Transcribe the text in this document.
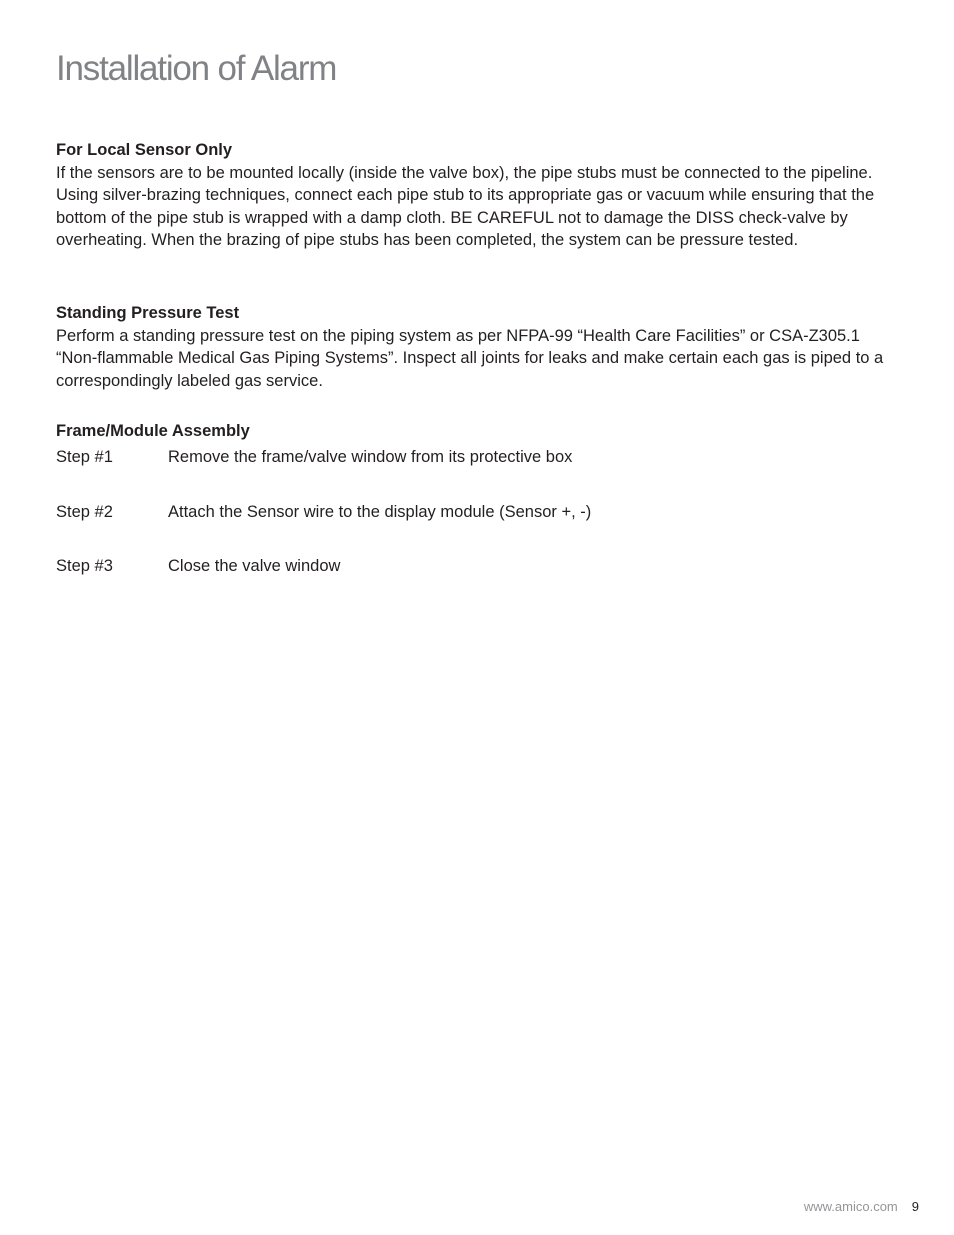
Installation of Alarm

For Local Sensor Only

If the sensors are to be mounted locally (inside the valve box), the pipe stubs must be connected to the pipeline. Using silver-brazing techniques, connect each pipe stub to its appropriate gas or vacuum while ensuring that the bottom of the pipe stub is wrapped with a damp cloth. BE CAREFUL not to damage the DISS check-valve by overheating. When the brazing of pipe stubs has been completed, the system can be pressure tested.

Standing Pressure Test

Perform a standing pressure test on the piping system as per NFPA-99 “Health Care Facilities” or CSA-Z305.1 “Non-flammable Medical Gas Piping Systems”. Inspect all joints for leaks and make certain each gas is piped to a correspondingly labeled gas service.

Frame/Module Assembly

Step #1	Remove the frame/valve window from its protective box
Step #2	Attach the Sensor wire to the display module (Sensor +, -)
Step #3	Close the valve window
www.amico.com 9
